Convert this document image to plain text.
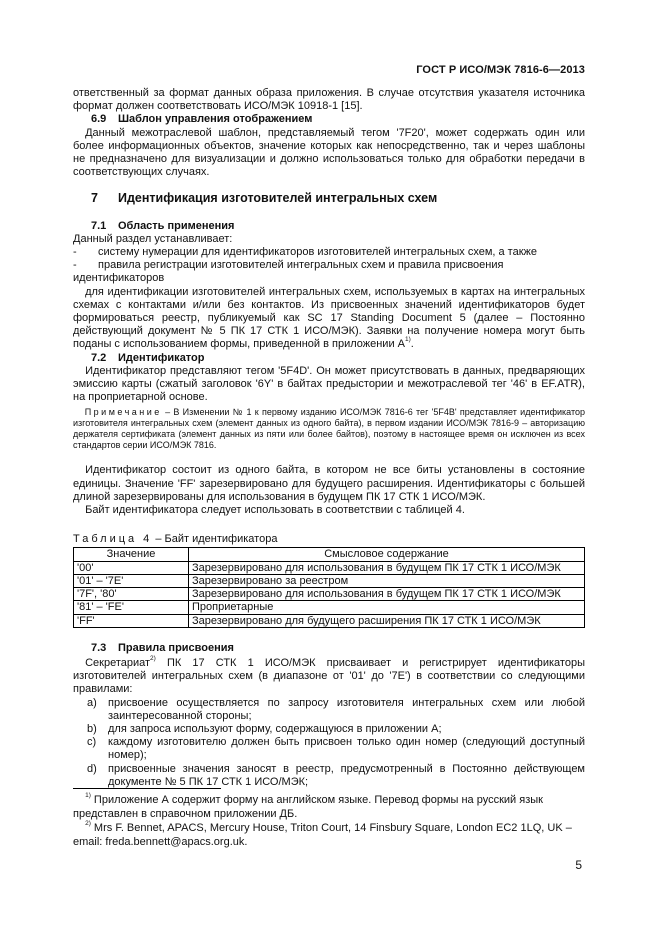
ГОСТ Р ИСО/МЭК 7816-6—2013

ответственный за формат данных образа приложения. В случае отсутствия указателя источника формат должен соответствовать ИСО/МЭК 10918-1 [15].

6.9	Шаблон управления отображением

Данный межотраслевой шаблон, представляемый тегом '7F20', может содержать один или более информационных объектов, значение которых как непосредственно, так и через шаблоны не предназначено для визуализации и должно использоваться только для обработки передачи в соответствующих случаях.

7	Идентификация изготовителей интегральных схем
7.1	Область применения

Данный раздел устанавливает:

-	системy нумерации для идентификаторов изготовителей интегральных схем, а также
-	правила регистрации изготовителей интегральных схем и правила присвоения

идентификаторов

для идентификации изготовителей интегральных схем, используемых в картах на интегральных схемах с контактами и/или без контактов. Из присвоенных значений идентификаторов будет формироваться реестр, публикуемый как SC 17 Standing Document 5 (далее – Постоянно действующий документ № 5 ПК 17 СТК 1 ИСО/МЭК). Заявки на получение номера могут быть поданы с использованием формы, приведенной в приложении $А^{1)}$.

7.2	Идентификатор

Идентификатор представляют тегом '5F4D'. Он может присутствовать в данных, предваряющих эмиссию карты (сжатый заголовок '6Y' в байтах предыстории и межотраслевой тег '46' в EF.ATR), на проприетарной основе.

Примечание – В Изменении № 1 к первому изданию ИСО/МЭК 7816-6 тег '5F4B' представляет идентификатор изготовителя интегральных схем (элемент данных из одного байта), в первом издании ИСО/МЭК 7816-9 – авторизацию держателя сертификата (элемент данных из пяти или более байтов), поэтому в настоящее время он исключен из всех стандартов серии ИСО/МЭК 7816.

Идентификатор состоит из одного байта, в котором не все биты установлены в состояние единицы. Значение 'FF' зарезервировано для будущего расширения. Идентификаторы с большей длиной зарезервированы для использования в будущем ПК 17 СТК 1 ИСО/МЭК.

Байт идентификатора следует использовать в соответствии с таблицей 4.

Таблица 4 – Байт идентификатора
Значение	Смысловое содержание
'00'	Зарезервировано для использования в будущем ПК 17 СТК 1 ИСО/МЭК
'01' – '7E'	Зарезервировано за реестром
'7F', '80'	Зарезервировано для использования в будущем ПК 17 СТК 1 ИСО/МЭК
'81' – 'FE'	Проприетарные
'FF'	Зарезервировано для будущего расширения ПК 17 СТК 1 ИСО/МЭК
7.3	Правила присвоения

Секретариат$^{2)}$ ПК 17 СТК 1 ИСО/МЭК присваивает и регистрирует идентификаторы изготовителей интегральных схем (в диапазоне от '01' до '7E') в соответствии со следующими правилами:

a)	присвоение осуществляется по запросу изготовителя интегральных схем или любой заинтересованной стороны;
b)	для запроса используют форму, содержащуюся в приложении А;
c)	каждому изготовителю должен быть присвоен только один номер (следующий доступный номер);
d)	присвоенные значения заносят в реестр, предусмотренный в Постоянно действующем документе № 5 ПК 17 СТК 1 ИСО/МЭК;

$^{1)}$ Приложение А содержит форму на английском языке. Перевод формы на русский язык представлен в справочном приложении ДБ.

$^{2)}$ Mrs F. Bennet, APACS, Mercury House, Triton Court, 14 Finsbury Square, London EC2 1LQ, UK – email: freda.bennett@apacs.org.uk.

5
